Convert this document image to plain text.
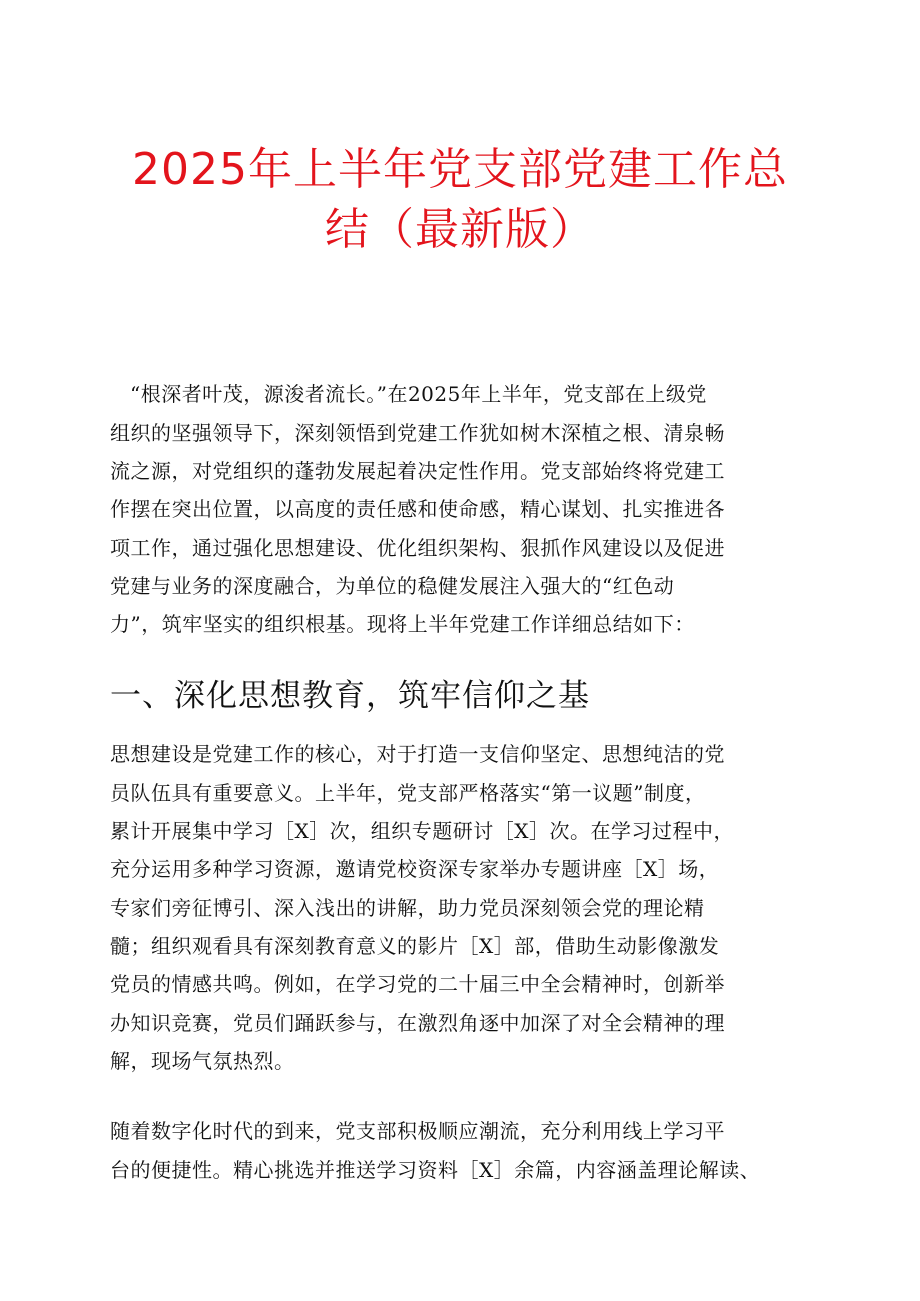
2025年上半年党支部党建工作总
结（最新版）
“根深者叶茂，源浚者流长。”在2025年上半年，党支部在上级党
组织的坚强领导下，深刻领悟到党建工作犹如树木深植之根、清泉畅
流之源，对党组织的蓬勃发展起着决定性作用。党支部始终将党建工
作摆在突出位置，以高度的责任感和使命感，精心谋划、扎实推进各
项工作，通过强化思想建设、优化组织架构、狠抓作风建设以及促进
党建与业务的深度融合，为单位的稳健发展注入强大的“红色动
力”，筑牢坚实的组织根基。现将上半年党建工作详细总结如下：
一、深化思想教育，筑牢信仰之基
思想建设是党建工作的核心，对于打造一支信仰坚定、思想纯洁的党
员队伍具有重要意义。上半年，党支部严格落实“第一议题”制度，
累计开展集中学习［X］次，组织专题研讨［X］次。在学习过程中，
充分运用多种学习资源，邀请党校资深专家举办专题讲座［X］场，
专家们旁征博引、深入浅出的讲解，助力党员深刻领会党的理论精
髓；组织观看具有深刻教育意义的影片［X］部，借助生动影像激发
党员的情感共鸣。例如，在学习党的二十届三中全会精神时，创新举
办知识竞赛，党员们踊跃参与，在激烈角逐中加深了对全会精神的理
解，现场气氛热烈。
随着数字化时代的到来，党支部积极顺应潮流，充分利用线上学习平
台的便捷性。精心挑选并推送学习资料［X］余篇，内容涵盖理论解读、
